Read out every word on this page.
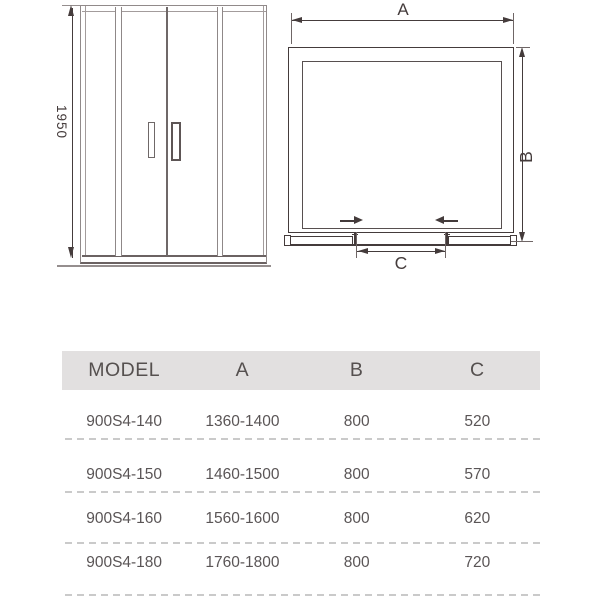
1950
A
C
B
MODEL	A	B	C
900S4-140	1360-1400	800	520
900S4-150	1460-1500	800	570
900S4-160	1560-1600	800	620
900S4-180	1760-1800	800	720
